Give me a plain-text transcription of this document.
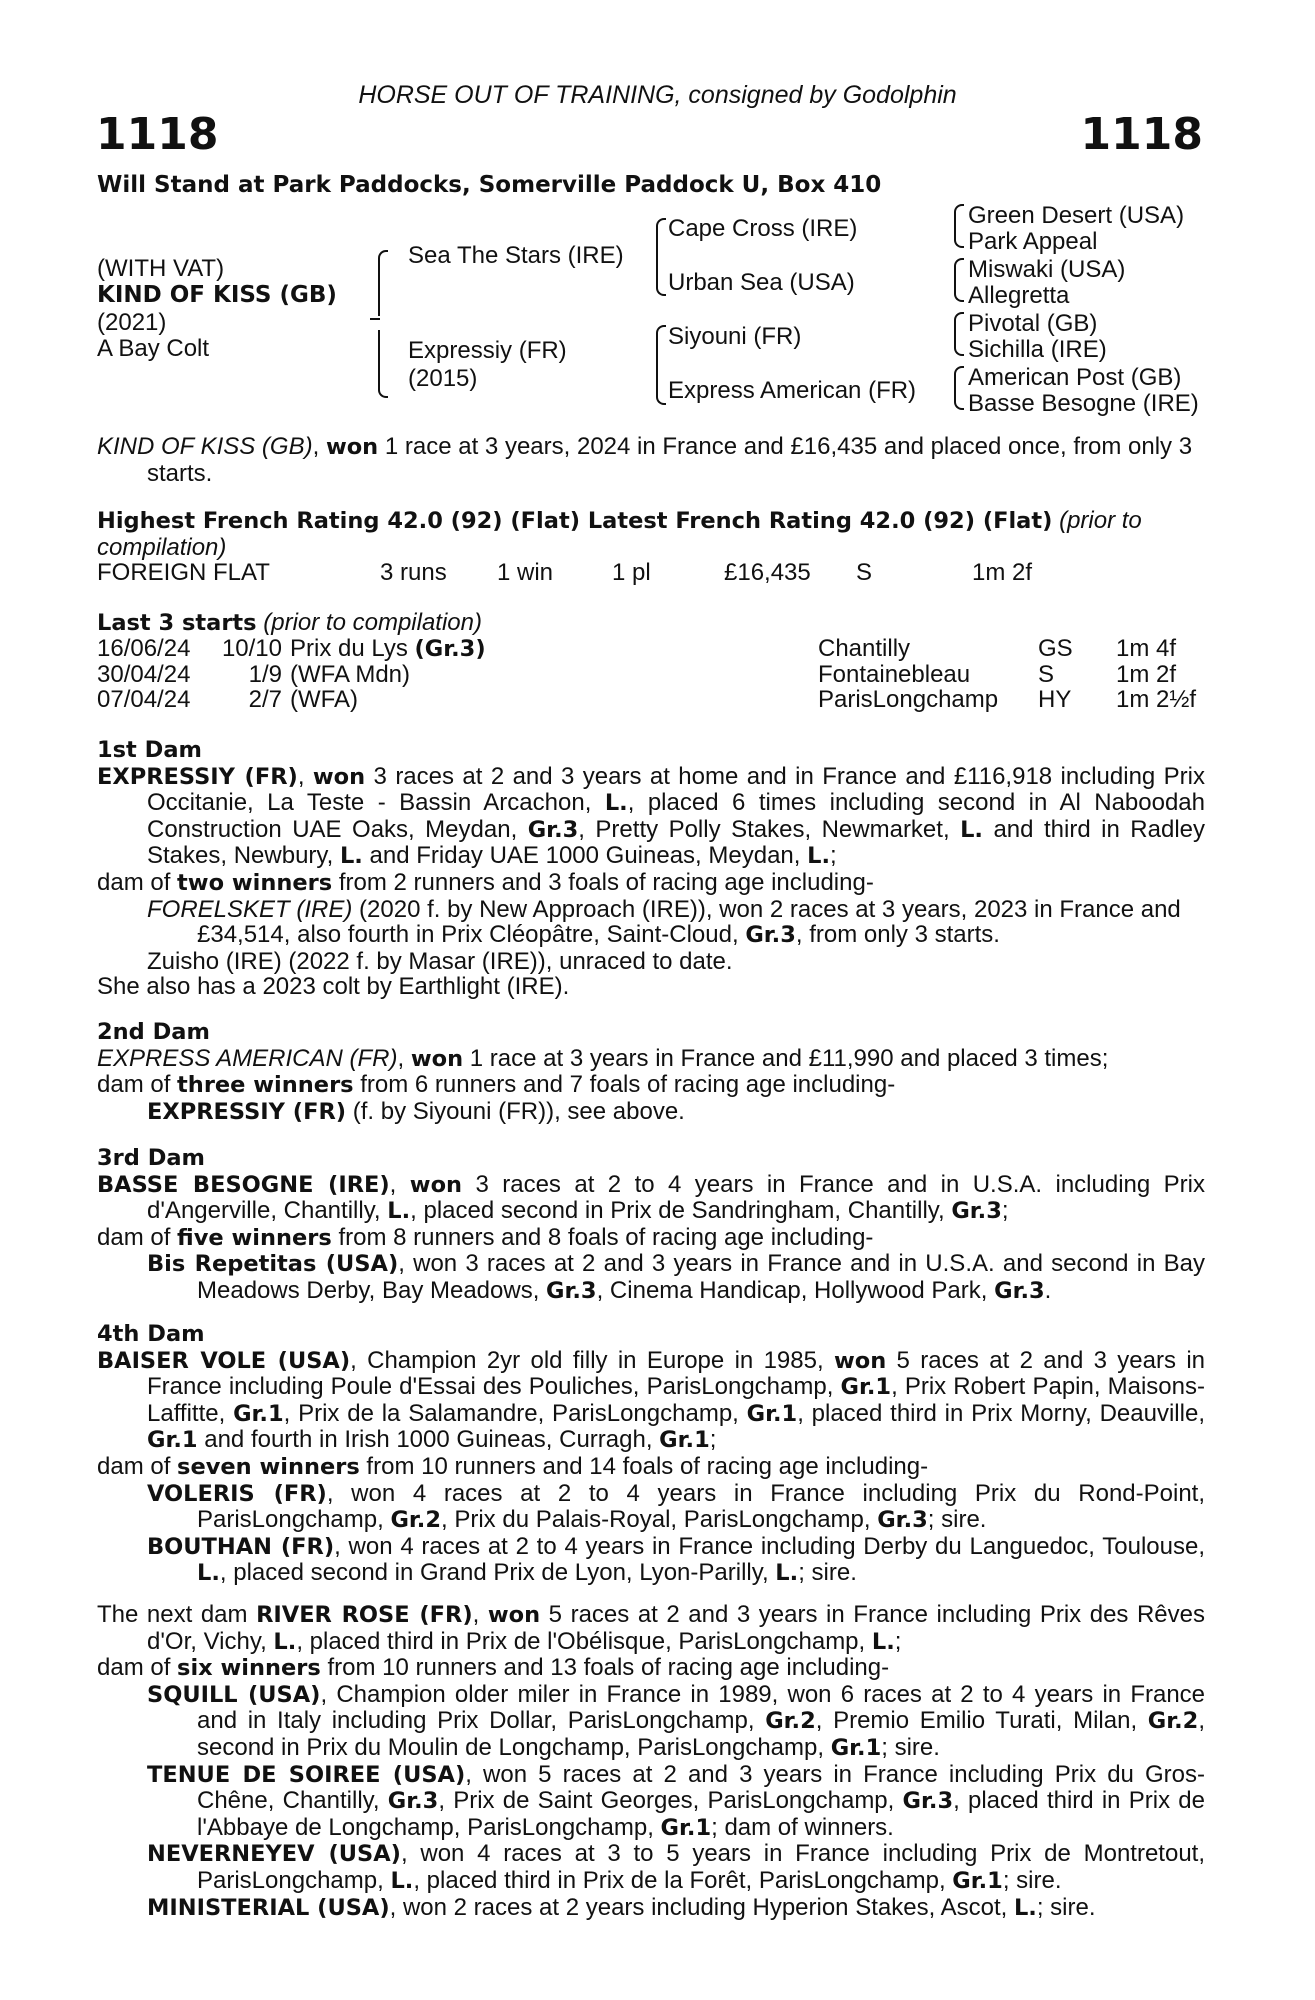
HORSE OUT OF TRAINING, consigned by Godolphin
1118	1118
Will Stand at Park Paddocks, Somerville Paddock U, Box 410
(WITH VAT)
KIND OF KISS (GB)
(2021)
A Bay Colt
Sea The Stars (IRE)
Expressiy (FR)
(2015)
Cape Cross (IRE)
Urban Sea (USA)
Siyouni (FR)
Express American (FR)
Green Desert (USA)
Park Appeal
Miswaki (USA)
Allegretta
Pivotal (GB)
Sichilla (IRE)
American Post (GB)
Basse Besogne (IRE)

KIND OF KISS (GB), won 1 race at 3 years, 2024 in France and £16,435 and placed once, from only 3 starts.

Highest French Rating 42.0 (92) (Flat) Latest French Rating 42.0 (92) (Flat) (prior to compilation)

FOREIGN FLAT	3 runs 1 win 1 pl	£16,435 S	1m 2f
Last 3 starts (prior to compilation)
16/06/24	10/10 Prix du Lys (Gr.3)	Chantilly	GS 1m 4f
30/04/24	1/9 (WFA Mdn)	Fontainebleau	S	1m 2f
07/04/24	2/7 (WFA)	ParisLongchamp HY 1m 2½f

1st Dam

EXPRESSIY (FR), won 3 races at 2 and 3 years at home and in France and £116,918 including Prix Occitanie, La Teste - Bassin Arcachon, L., placed 6 times including second in Al Naboodah Construction UAE Oaks, Meydan, Gr.3, Pretty Polly Stakes, Newmarket, L. and third in Radley Stakes, Newbury, L. and Friday UAE 1000 Guineas, Meydan, L.;

dam of two winners from 2 runners and 3 foals of racing age including-

FORELSKET (IRE) (2020 f. by New Approach (IRE)), won 2 races at 3 years, 2023 in France and £34,514, also fourth in Prix Cléopâtre, Saint-Cloud, Gr.3, from only 3 starts.

Zuisho (IRE) (2022 f. by Masar (IRE)), unraced to date.

She also has a 2023 colt by Earthlight (IRE).

2nd Dam

EXPRESS AMERICAN (FR), won 1 race at 3 years in France and £11,990 and placed 3 times;

dam of three winners from 6 runners and 7 foals of racing age including-

EXPRESSIY (FR) (f. by Siyouni (FR)), see above.

3rd Dam

BASSE BESOGNE (IRE), won 3 races at 2 to 4 years in France and in U.S.A. including Prix d'Angerville, Chantilly, L., placed second in Prix de Sandringham, Chantilly, Gr.3;

dam of five winners from 8 runners and 8 foals of racing age including-

Bis Repetitas (USA), won 3 races at 2 and 3 years in France and in U.S.A. and second in Bay Meadows Derby, Bay Meadows, Gr.3, Cinema Handicap, Hollywood Park, Gr.3.

4th Dam

BAISER VOLE (USA), Champion 2yr old filly in Europe in 1985, won 5 races at 2 and 3 years in France including Poule d'Essai des Pouliches, ParisLongchamp, Gr.1, Prix Robert Papin, Maisons-Laffitte, Gr.1, Prix de la Salamandre, ParisLongchamp, Gr.1, placed third in Prix Morny, Deauville, Gr.1 and fourth in Irish 1000 Guineas, Curragh, Gr.1;

dam of seven winners from 10 runners and 14 foals of racing age including-

VOLERIS (FR), won 4 races at 2 to 4 years in France including Prix du Rond-Point, ParisLongchamp, Gr.2, Prix du Palais-Royal, ParisLongchamp, Gr.3; sire.

BOUTHAN (FR), won 4 races at 2 to 4 years in France including Derby du Languedoc, Toulouse, L., placed second in Grand Prix de Lyon, Lyon-Parilly, L.; sire.

The next dam RIVER ROSE (FR), won 5 races at 2 and 3 years in France including Prix des Rêves d'Or, Vichy, L., placed third in Prix de l'Obélisque, ParisLongchamp, L.;

dam of six winners from 10 runners and 13 foals of racing age including-

SQUILL (USA), Champion older miler in France in 1989, won 6 races at 2 to 4 years in France and in Italy including Prix Dollar, ParisLongchamp, Gr.2, Premio Emilio Turati, Milan, Gr.2, second in Prix du Moulin de Longchamp, ParisLongchamp, Gr.1; sire.

TENUE DE SOIREE (USA), won 5 races at 2 and 3 years in France including Prix du Gros-Chêne, Chantilly, Gr.3, Prix de Saint Georges, ParisLongchamp, Gr.3, placed third in Prix de l'Abbaye de Longchamp, ParisLongchamp, Gr.1; dam of winners.

NEVERNEYEV (USA), won 4 races at 3 to 5 years in France including Prix de Montretout, ParisLongchamp, L., placed third in Prix de la Forêt, ParisLongchamp, Gr.1; sire.

MINISTERIAL (USA), won 2 races at 2 years including Hyperion Stakes, Ascot, L.; sire.
